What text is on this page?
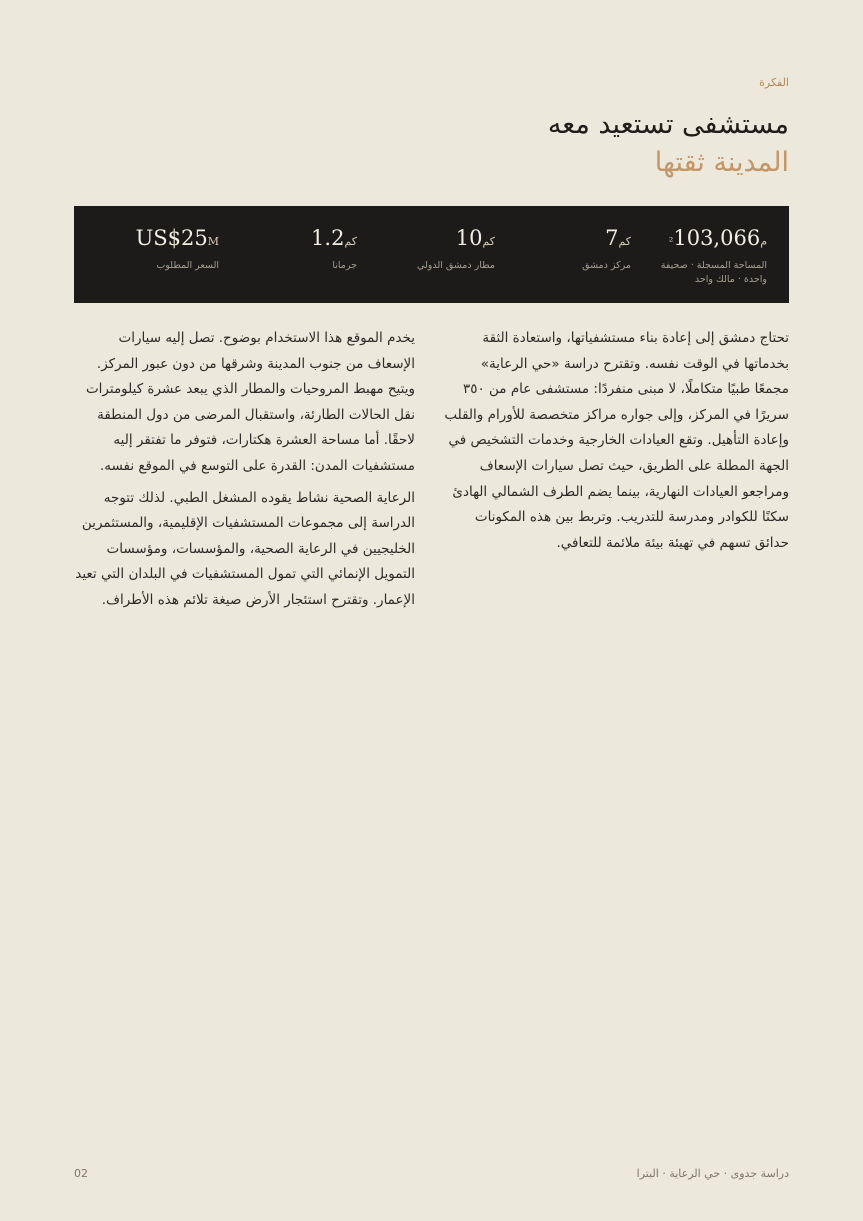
الفكرة
مستشفى تستعيد معه
المدينة ثقتها
م²103,066
المساحة المسجلة · صحيفة واحدة · مالك واحد
كم7
مركز دمشق
كم10
مطار دمشق الدولي
كم1.2
جرمانا
US$25M
السعر المطلوب

تحتاج دمشق إلى إعادة بناء مستشفياتها، واستعادة الثقة بخدماتها في الوقت نفسه. وتقترح دراسة «حي الرعاية» مجمعًا طبيًا متكاملًا، لا مبنى منفردًا: مستشفى عام من ٣٥٠ سريرًا في المركز، وإلى جواره مراكز متخصصة للأورام والقلب وإعادة التأهيل. وتقع العيادات الخارجية وخدمات التشخيص في الجهة المطلة على الطريق، حيث تصل سيارات الإسعاف ومراجعو العيادات النهارية، بينما يضم الطرف الشمالي الهادئ سكنًا للكوادر ومدرسة للتدريب. وتربط بين هذه المكونات حدائق تسهم في تهيئة بيئة ملائمة للتعافي.

يخدم الموقع هذا الاستخدام بوضوح. تصل إليه سيارات الإسعاف من جنوب المدينة وشرقها من دون عبور المركز. ويتيح مهبط المروحيات والمطار الذي يبعد عشرة كيلومترات نقل الحالات الطارئة، واستقبال المرضى من دول المنطقة لاحقًا. أما مساحة العشرة هكتارات، فتوفر ما تفتقر إليه مستشفيات المدن: القدرة على التوسع في الموقع نفسه.

الرعاية الصحية نشاط يقوده المشغل الطبي. لذلك تتوجه الدراسة إلى مجموعات المستشفيات الإقليمية، والمستثمرين الخليجيين في الرعاية الصحية، والمؤسسات، ومؤسسات التمويل الإنمائي التي تمول المستشفيات في البلدان التي تعيد الإعمار. وتقترح استئجار الأرض صيغة تلائم هذه الأطراف.

02	دراسة جدوى · حي الرعاية · البترا
